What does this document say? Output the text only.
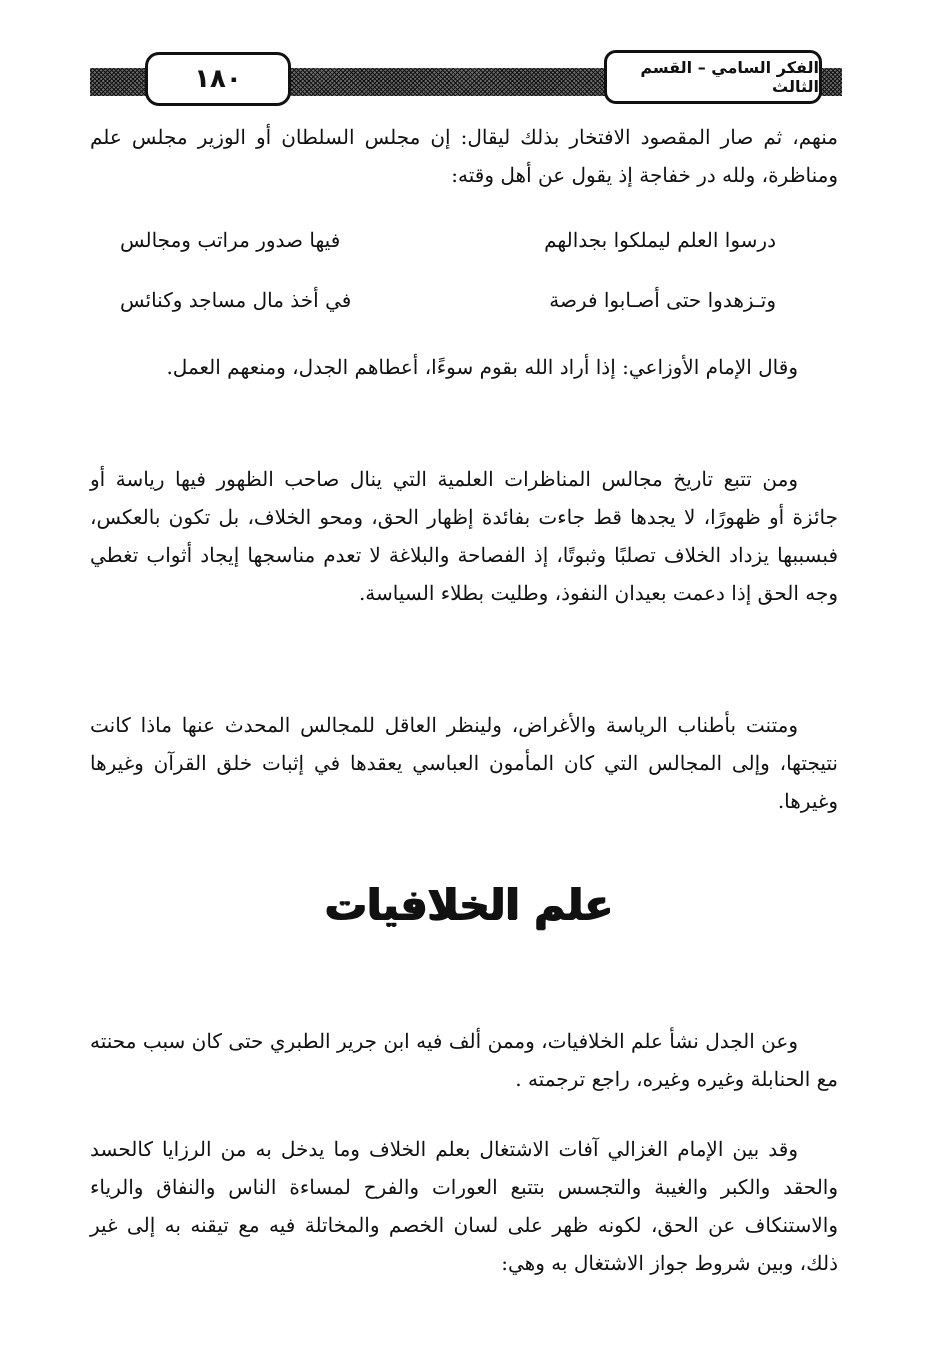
١٨٠	الفكر السامي – القسم الثالث

منهم، ثم صار المقصود الافتخار بذلك ليقال: إن مجلس السلطان أو الوزير مجلس علم ومناظرة، ولله در خفاجة إذ يقول عن أهل وقته:

درسوا العلم ليملكوا بجدالهم
فيها صدور مراتب ومجالس
وتـزهدوا حتى أصـابوا فرصة
في أخذ مال مساجد وكنائس

وقال الإمام الأوزاعي: إذا أراد الله بقوم سوءًا، أعطاهم الجدل، ومنعهم العمل.

ومن تتبع تاريخ مجالس المناظرات العلمية التي ينال صاحب الظهور فيها رياسة أو جائزة أو ظهورًا، لا يجدها قط جاءت بفائدة إظهار الحق، ومحو الخلاف، بل تكون بالعكس، فبسببها يزداد الخلاف تصلبًا وثبوتًا، إذ الفصاحة والبلاغة لا تعدم مناسجها إيجاد أثواب تغطي وجه الحق إذا دعمت بعيدان النفوذ، وطليت بطلاء السياسة.

ومتنت بأطناب الرياسة والأغراض، ولينظر العاقل للمجالس المحدث عنها ماذا كانت نتيجتها، وإلى المجالس التي كان المأمون العباسي يعقدها في إثبات خلق القرآن وغيرها وغيرها.

علم الخلافيات

وعن الجدل نشأ علم الخلافيات، وممن ألف فيه ابن جرير الطبري حتى كان سبب محنته مع الحنابلة وغيره وغيره، راجع ترجمته .

وقد بين الإمام الغزالي آفات الاشتغال بعلم الخلاف وما يدخل به من الرزايا كالحسد والحقد والكبر والغيبة والتجسس بتتبع العورات والفرح لمساءة الناس والنفاق والرياء والاستنكاف عن الحق، لكونه ظهر على لسان الخصم والمخاتلة فيه مع تيقنه به إلى غير ذلك، وبين شروط جواز الاشتغال به وهي:
